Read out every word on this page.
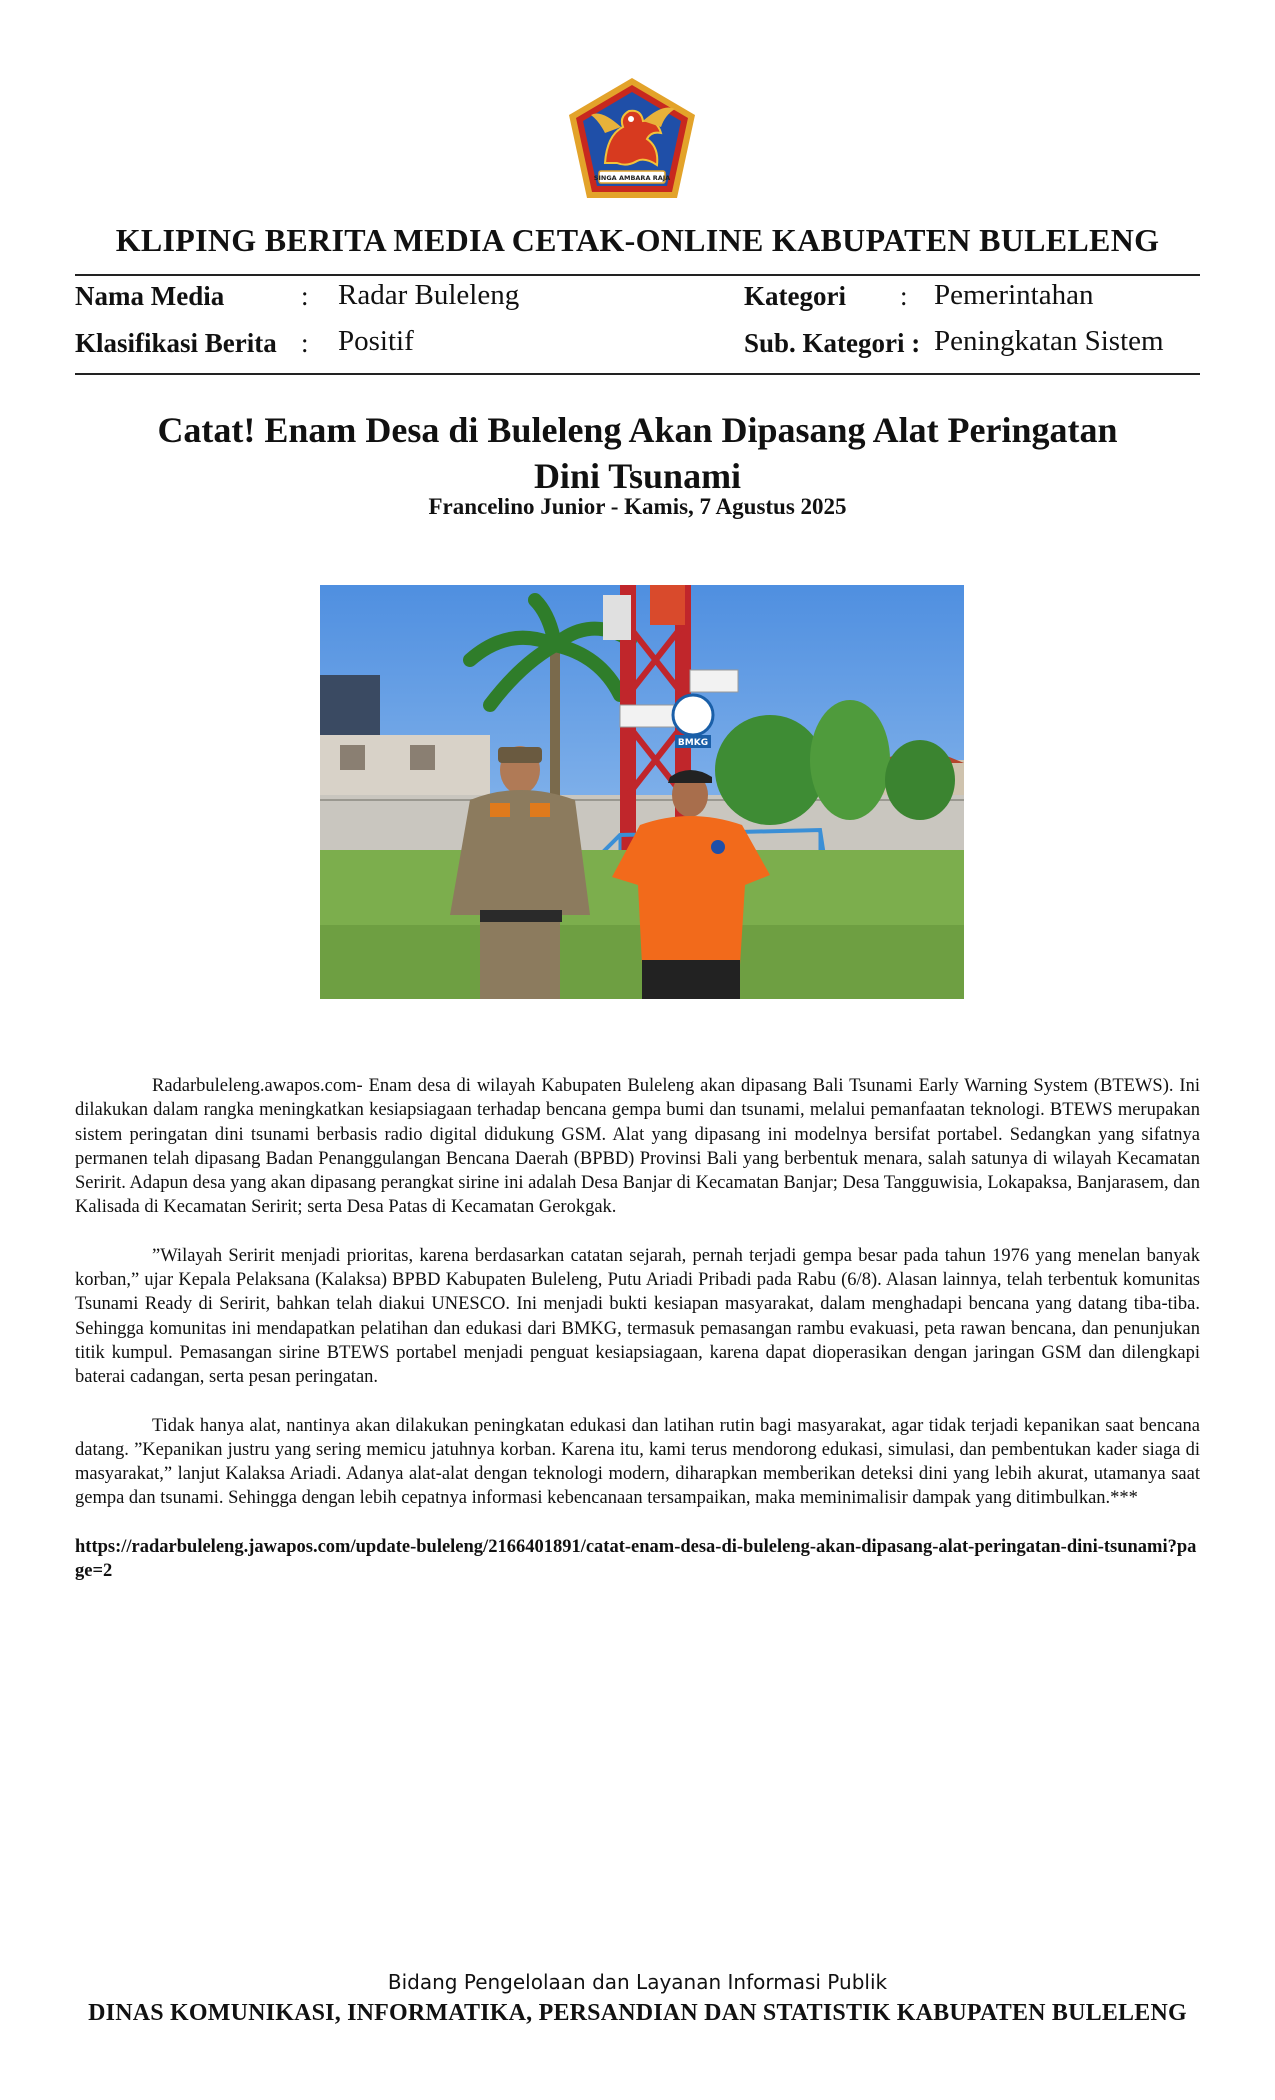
SINGA AMBARA RAJA
KLIPING BERITA MEDIA CETAK-ONLINE KABUPATEN BULELENG
Nama Media	: Radar Buleleng	Kategori : Pemerintahan
Klasifikasi Berita : Positif	Sub. Kategori : Peningkatan Sistem
Catat! Enam Desa di Buleleng Akan Dipasang Alat Peringatan Dini Tsunami
Francelino Junior - Kamis, 7 Agustus 2025
BMKG

Radarbuleleng.awapos.com- Enam desa di wilayah Kabupaten Buleleng akan dipasang Bali Tsunami Early Warning System (BTEWS). Ini dilakukan dalam rangka meningkatkan kesiapsiagaan terhadap bencana gempa bumi dan tsunami, melalui pemanfaatan teknologi. BTEWS merupakan sistem peringatan dini tsunami berbasis radio digital didukung GSM. Alat yang dipasang ini modelnya bersifat portabel. Sedangkan yang sifatnya permanen telah dipasang Badan Penanggulangan Bencana Daerah (BPBD) Provinsi Bali yang berbentuk menara, salah satunya di wilayah Kecamatan Seririt. Adapun desa yang akan dipasang perangkat sirine ini adalah Desa Banjar di Kecamatan Banjar; Desa Tangguwisia, Lokapaksa, Banjarasem, dan Kalisada di Kecamatan Seririt; serta Desa Patas di Kecamatan Gerokgak.

”Wilayah Seririt menjadi prioritas, karena berdasarkan catatan sejarah, pernah terjadi gempa besar pada tahun 1976 yang menelan banyak korban,” ujar Kepala Pelaksana (Kalaksa) BPBD Kabupaten Buleleng, Putu Ariadi Pribadi pada Rabu (6/8). Alasan lainnya, telah terbentuk komunitas Tsunami Ready di Seririt, bahkan telah diakui UNESCO. Ini menjadi bukti kesiapan masyarakat, dalam menghadapi bencana yang datang tiba-tiba. Sehingga komunitas ini mendapatkan pelatihan dan edukasi dari BMKG, termasuk pemasangan rambu evakuasi, peta rawan bencana, dan penunjukan titik kumpul. Pemasangan sirine BTEWS portabel menjadi penguat kesiapsiagaan, karena dapat dioperasikan dengan jaringan GSM dan dilengkapi baterai cadangan, serta pesan peringatan.

Tidak hanya alat, nantinya akan dilakukan peningkatan edukasi dan latihan rutin bagi masyarakat, agar tidak terjadi kepanikan saat bencana datang. ”Kepanikan justru yang sering memicu jatuhnya korban. Karena itu, kami terus mendorong edukasi, simulasi, dan pembentukan kader siaga di masyarakat,” lanjut Kalaksa Ariadi. Adanya alat-alat dengan teknologi modern, diharapkan memberikan deteksi dini yang lebih akurat, utamanya saat gempa dan tsunami. Sehingga dengan lebih cepatnya informasi kebencanaan tersampaikan, maka meminimalisir dampak yang ditimbulkan.***

https://radarbuleleng.jawapos.com/update-buleleng/2166401891/catat-enam-desa-di-buleleng-akan-dipasang-alat-peringatan-dini-tsunami?page=2

Bidang Pengelolaan dan Layanan Informasi Publik
DINAS KOMUNIKASI, INFORMATIKA, PERSANDIAN DAN STATISTIK KABUPATEN BULELENG
